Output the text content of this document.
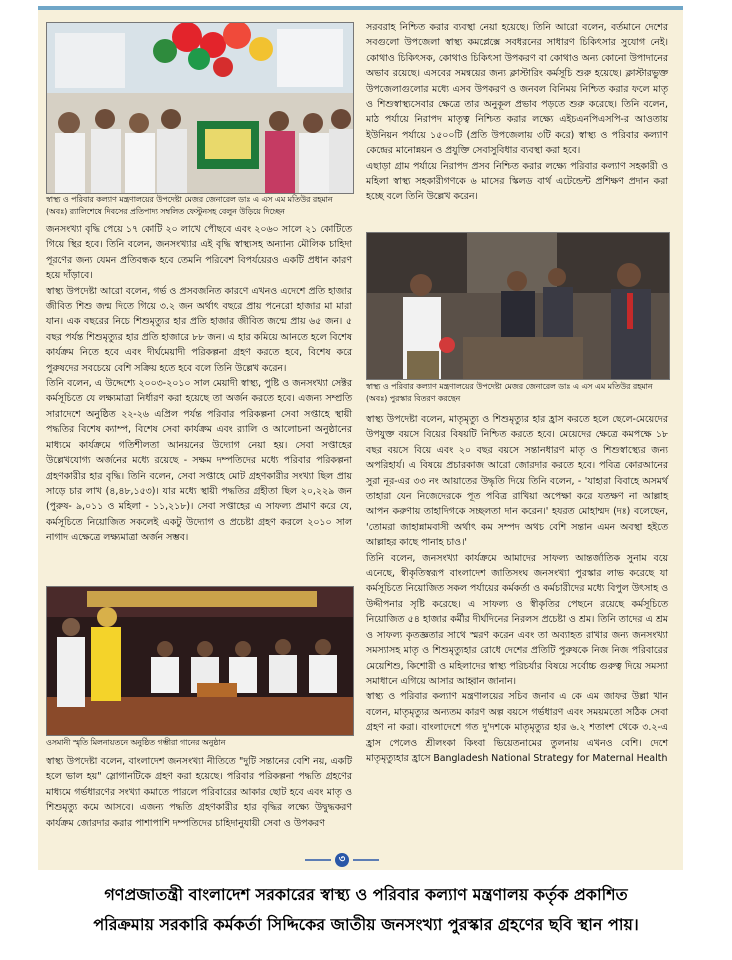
স্বাস্থ্য ও পরিবার কল্যাণ মন্ত্রণালয়ের উপদেষ্টা মেজর জেনারেল ডাঃ এ এস এম মতিউর রহমান (অবঃ) র‍্যালিশেষে দিবসের প্রতিপাদ্য সম্বলিত ফেস্টুনসহ বেলুন উড়িয়ে দিচ্ছেন

জনসংখ্যা বৃদ্ধি পেয়ে ১৭ কোটি ২০ লাখে পৌছবে এবং ২০৬০ সালে ২১ কোটিতে গিয়ে স্থির হবে। তিনি বলেন, জনসংখ্যার এই বৃদ্ধি স্বাস্থ্যসহ অন্যান্য মৌলিক চাহিদা পূরণের জন্য যেমন প্রতিবন্ধক হবে তেমনি পরিবেশ বিপর্যয়েরও একটি প্রধান কারণ হয়ে দাঁড়াবে।

স্বাস্থ্য উপদেষ্টা আরো বলেন, গর্ভ ও প্রসবজনিত কারণে এখনও এদেশে প্রতি হাজার জীবিত শিশু জন্ম দিতে গিয়ে ৩.২ জন অর্থাৎ বছরে প্রায় পনেরো হাজার মা মারা যান। এক বছরের নিচে শিশুমৃত্যুর হার প্রতি হাজার জীবিত জন্মে প্রায় ৬৫ জন। ৫ বছর পর্যন্ত শিশুমৃত্যুর হার প্রতি হাজারে ৮৮ জন। এ হার কমিয়ে আনতে হলে বিশেষ কার্যক্রম নিতে হবে এবং দীর্ঘমেয়াদী পরিকল্পনা গ্রহণ করতে হবে, বিশেষ করে পুরুষদের সবচেয়ে বেশি সক্রিয় হতে হবে বলে তিনি উল্লেখ করেন।

তিনি বলেন, এ উদ্দেশ্যে ২০০৩-২০১০ সাল মেয়াদী স্বাস্থ্য, পুষ্টি ও জনসংখ্যা সেক্টর কর্মসূচিতে যে লক্ষ্যমাত্রা নির্ধারণ করা হয়েছে তা অর্জন করতে হবে। এজন্য সম্প্রতি সারাদেশে অনুষ্ঠিত ২২-২৬ এপ্রিল পর্যন্ত পরিবার পরিকল্পনা সেবা সপ্তাহে স্থায়ী পদ্ধতির বিশেষ ক্যাম্প, বিশেষ সেবা কার্যক্রম এবং র‍্যালি ও আলোচনা অনুষ্ঠানের মাধ্যমে কার্যক্রমে গতিশীলতা আনয়নের উদ্যোগ নেয়া হয়। সেবা সপ্তাহের উল্লেখযোগ্য অর্জনের মধ্যে রয়েছে - সক্ষম দম্পতিদের মধ্যে পরিবার পরিকল্পনা গ্রহণকারীর হার বৃদ্ধি। তিনি বলেন, সেবা সপ্তাহে মোট গ্রহণকারীর সংখ্যা ছিল প্রায় সাড়ে চার লাখ (৪,৪৮,১৫৩)। যার মধ্যে স্থায়ী পদ্ধতির গ্রহীতা ছিল ২০,২২৯ জন (পুরুষ- ৯,০১১ ও মহিলা - ১১,২১৮)। সেবা সপ্তাহের এ সাফল্য প্রমাণ করে যে, কর্মসূচিতে নিয়োজিত সকলেই একটু উদ্যোগ ও প্রচেষ্টা গ্রহণ করলে ২০১০ সাল নাগাদ এক্ষেত্রে লক্ষ্যমাত্রা অর্জন সম্ভব।

ওসমানী স্মৃতি মিলনায়তনে অনুষ্ঠিত গম্ভীরা গানের অনুষ্ঠান

স্বাস্থ্য উপদেষ্টা বলেন, বাংলাদেশ জনসংখ্যা নীতিতে "দুটি সন্তানের বেশি নয়, একটি হলে ভাল হয়" স্লোগানটিকে গ্রহণ করা হয়েছে। পরিবার পরিকল্পনা পদ্ধতি গ্রহণের মাধ্যমে গর্ভধারণের সংখ্যা কমাতে পারলে পরিবারের আকার ছোট হবে এবং মাতৃ ও শিশুমৃত্যু কমে আসবে। এজন্য পদ্ধতি গ্রহণকারীর হার বৃদ্ধির লক্ষ্যে উদ্বুদ্ধকরণ কার্যক্রম জোরদার করার পাশাপাশি দম্পতিদের চাহিদানুযায়ী সেবা ও উপকরণ

সরবরাহ নিশ্চিত করার ব্যবস্থা নেয়া হয়েছে। তিনি আরো বলেন, বর্তমানে দেশের সবগুলো উপজেলা স্বাস্থ্য কমপ্লেক্সে সবধরনের সাধারণ চিকিৎসার সুযোগ নেই। কোথাও চিকিৎসক, কোথাও চিকিৎসা উপকরণ বা কোথাও অন্য কোনো উপাদানের অভাব রয়েছে। এসবের সমন্বয়ের জন্য ক্লাস্টারিং কর্মসূচি শুরু হয়েছে। ক্লাস্টারভুক্ত উপজেলাগুলোর মধ্যে এসব উপকরণ ও জনবল বিনিময় নিশ্চিত করার ফলে মাতৃ ও শিশুস্বাস্থ্যসেবার ক্ষেত্রে তার অনুকূল প্রভাব পড়তে শুরু করেছে। তিনি বলেন, মাঠ পর্যায়ে নিরাপদ মাতৃত্ব নিশ্চিত করার লক্ষ্যে এইচএনপিএসপি-র আওতায় ইউনিয়ন পর্যায়ে ১৫০০টি (প্রতি উপজেলায় ৩টি করে) স্বাস্থ্য ও পরিবার কল্যাণ কেন্দ্রের মানোন্নয়ন ও প্রযুক্তি সেবাসুবিধার ব্যবস্থা করা হবে।

এছাড়া গ্রাম পর্যায়ে নিরাপদ প্রসব নিশ্চিত করার লক্ষ্যে পরিবার কল্যাণ সহকারী ও মহিলা স্বাস্থ্য সহকারীগণকে ৬ মাসের স্কিলড বার্থ এটেন্ডেন্ট প্রশিক্ষণ প্রদান করা হচ্ছে বলে তিনি উল্লেখ করেন।

স্বাস্থ্য ও পরিবার কল্যাণ মন্ত্রণালয়ের উপদেষ্টা মেজর জেনারেল ডাঃ এ এস এম মতিউর রহমান (অবঃ) পুরস্কার বিতরণ করছেন

স্বাস্থ্য উপদেষ্টা বলেন, মাতৃমৃত্যু ও শিশুমৃত্যুর হার হ্রাস করতে হলে ছেলে-মেয়েদের উপযুক্ত বয়সে বিয়ের বিষয়টি নিশ্চিত করতে হবে। মেয়েদের ক্ষেত্রে কমপক্ষে ১৮ বছর বয়সে বিয়ে এবং ২০ বছর বয়সে সন্তানধারণ মাতৃ ও শিশুস্বাস্থ্যের জন্য অপরিহার্য। এ বিষয়ে প্রচারকাজ আরো জোরদার করতে হবে। পবিত্র কোরআনের সুরা নূর-এর ৩৩ নং আয়াতের উদ্ধৃতি দিয়ে তিনি বলেন, - 'যাহারা বিবাহে অসমর্থ তাহারা যেন নিজেদেরকে পূত পবিত্র রাখিয়া অপেক্ষা করে যতক্ষণ না আল্লাহ আপন করুণায় তাহাদিগকে সচ্ছলতা দান করেন।' হযরত মোহাম্মদ (দঃ) বলেছেন, 'তোমরা জাহান্নামবাসী অর্থাৎ কম সম্পদ অথচ বেশি সন্তান এমন অবস্থা হইতে আল্লাহর কাছে পানাহ চাও।'

তিনি বলেন, জনসংখ্যা কার্যক্রমে আমাদের সাফল্য আন্তর্জাতিক সুনাম বয়ে এনেছে, স্বীকৃতিস্বরূপ বাংলাদেশ জাতিসংঘ জনসংখ্যা পুরস্কার লাভ করেছে যা কর্মসূচিতে নিয়োজিত সকল পর্যায়ের কর্মকর্তা ও কর্মচারীদের মধ্যে বিপুল উৎসাহ ও উদ্দীপনার সৃষ্টি করেছে। এ সাফল্য ও স্বীকৃতির পেছনে রয়েছে কর্মসূচিতে নিয়োজিত ৫৪ হাজার কর্মীর দীর্ঘদিনের নিরলস প্রচেষ্টা ও শ্রম। তিনি তাদের এ শ্রম ও সাফল্য কৃতজ্ঞতার সাথে স্মরণ করেন এবং তা অব্যাহত রাখার জন্য জনসংখ্যা সমস্যাসহ মাতৃ ও শিশুমৃত্যুহার রোধে দেশের প্রতিটি পুরুষকে নিজ নিজ পরিবারের মেয়েশিশু, কিশোরী ও মহিলাদের স্বাস্থ্য পরিচর্যার বিষয়ে সর্বোচ্চ গুরুত্ব দিয়ে সমস্যা সমাধানে এগিয়ে আসার আহ্বান জানান।

স্বাস্থ্য ও পরিবার কল্যাণ মন্ত্রণালয়ের সচিব জনাব এ কে এম জাফর উল্লা খান বলেন, মাতৃমৃত্যুর অন্যতম কারণ অল্প বয়সে গর্ভধারণ এবং সময়মতো সঠিক সেবা গ্রহণ না করা। বাংলাদেশে গত দু'দশকে মাতৃমৃত্যুর হার ৬.২ শতাংশ থেকে ৩.২-এ হ্রাস পেলেও শ্রীলংকা কিংবা ভিয়েতনামের তুলনায় এখনও বেশি। দেশে মাতৃমৃত্যুহার হ্রাসে Bangladesh National Strategy for Maternal Health

৩

গণপ্রজাতন্ত্রী বাংলাদেশ সরকারের স্বাস্থ্য ও পরিবার কল্যাণ মন্ত্রণালয় কর্তৃক প্রকাশিত

পরিক্রমায় সরকারি কর্মকর্তা সিদ্দিকের জাতীয় জনসংখ্যা পুরস্কার গ্রহণের ছবি স্থান পায়।
